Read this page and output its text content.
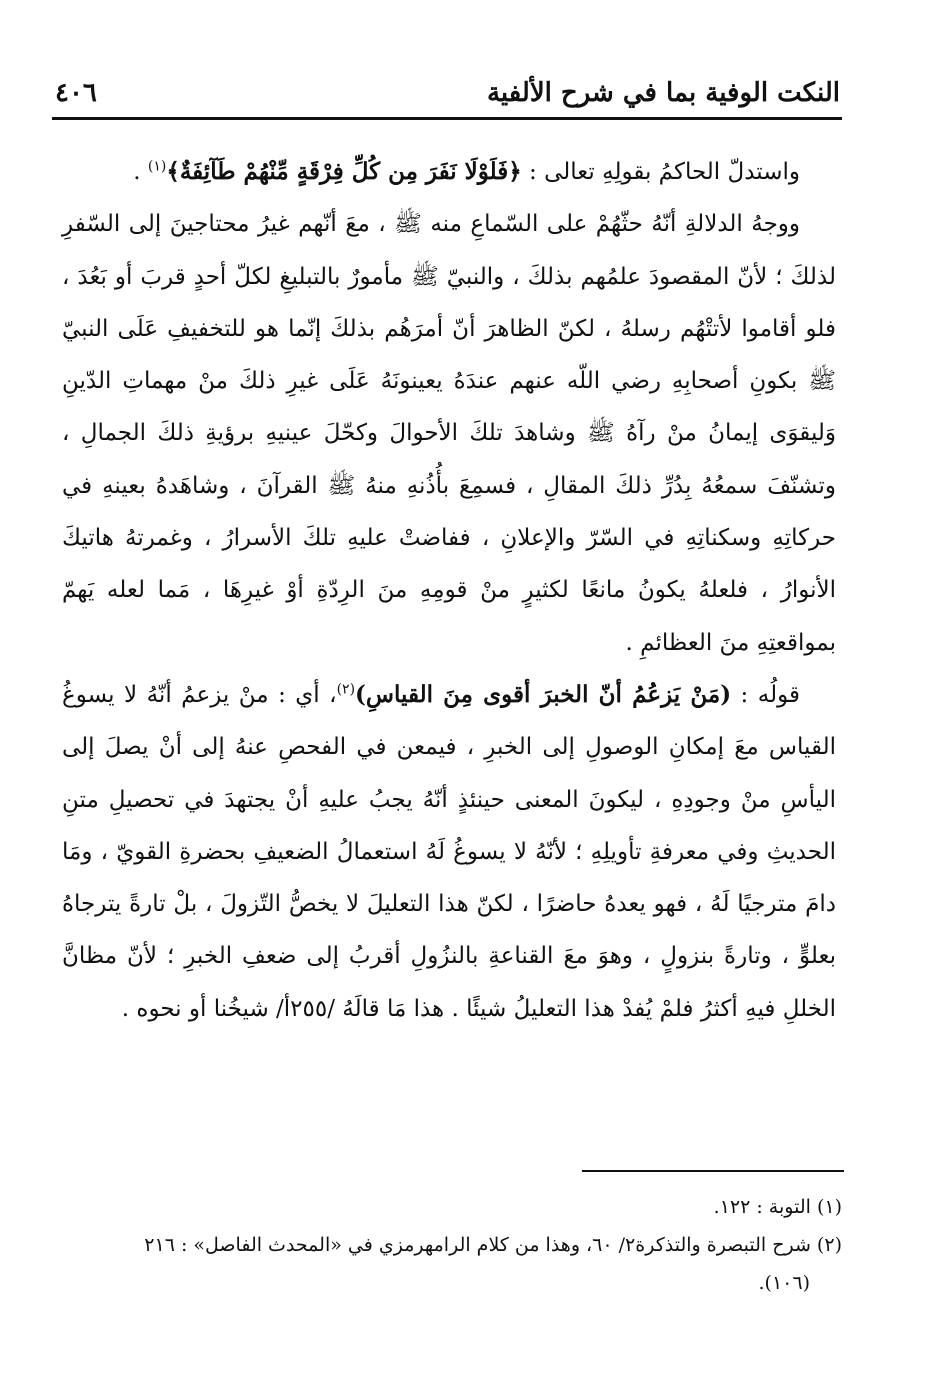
النكت الوفية بما في شرح الألفية
٤٠٦

واستدلّ الحاكمُ بقولِهِ تعالى : ﴿فَلَوْلَا نَفَرَ مِن كُلِّ فِرْقَةٍ مِّنْهُمْ طَآئِفَةٌ﴾$^{(١)}$ .

ووجهُ الدلالةِ أنّهُ حثّهُمْ على السّماعِ منه ﷺ ، معَ أنّهم غيرُ محتاجينَ إلى السّفرِ لذلكَ ؛ لأنّ المقصودَ علمُهم بذلكَ ، والنبيّ ﷺ مأمورٌ بالتبليغِ لكلّ أحدٍ قربَ أو بَعُدَ ، فلو أقاموا لأتتْهُم رسلهُ ، لكنّ الظاهرَ أنّ أمرَهُم بذلكَ إنّما هو للتخفيفِ عَلَى النبيّ ﷺ بكونِ أصحابِهِ رضي اللّه عنهم عندَهُ يعينونَهُ عَلَى غيرِ ذلكَ منْ مهماتِ الدّينِ وَليقوَى إيمانُ منْ رآهُ ﷺ وشاهدَ تلكَ الأحوالَ وكحّلَ عينيهِ برؤيةِ ذلكَ الجمالِ ، وتشنّفَ سمعُهُ بِدُرِّ ذلكَ المقالِ ، فسمِعَ بأُذُنهِ منهُ ﷺ القرآنَ ، وشاهَدهُ بعينهِ في حركاتِهِ وسكناتِهِ في السّرّ والإعلانِ ، ففاضتْ عليهِ تلكَ الأسرارُ ، وغمرتهُ هاتيكَ الأنوارُ ، فلعلهُ يكونُ مانعًا لكثيرٍ منْ قومِهِ منَ الرِدّةِ أوْ غيرِهَا ، مَما لعله يَهمّ بمواقعتِهِ منَ العظائمِ .

قولُه : (مَنْ يَزعُمُ أنّ الخبرَ أقوى مِنَ القياسِ)$^{(٢)}$، أي : منْ يزعمُ أنّهُ لا يسوغُ القياس معَ إمكانِ الوصولِ إلى الخبرِ ، فيمعن في الفحصِ عنهُ إلى أنْ يصلَ إلى اليأسِ منْ وجودِهِ ، ليكونَ المعنى حينئذٍ أنّهُ يجبُ عليهِ أنْ يجتهدَ في تحصيلِ متنِ الحديثِ وفي معرفةِ تأويلِهِ ؛ لأنّهُ لا يسوغُ لَهُ استعمالُ الضعيفِ بحضرةِ القويّ ، ومَا دامَ مترجيًا لَهُ ، فهو يعدهُ حاضرًا ، لكنّ هذا التعليلَ لا يخصُّ التّزولَ ، بلْ تارةً يترجاهُ بعلوٍّ ، وتارةً بنزولٍ ، وهوَ معَ القناعةِ بالنزُولِ أقربُ إلى ضعفِ الخبرِ ؛ لأنّ مظانَّ الخللِ فيهِ أكثرُ فلمْ يُفدْ هذا التعليلُ شيئًا . هذا مَا قالَهُ /٢٥٥أ/ شيخُنا أو نحوه .

(١) التوبة : ١٢٢.

(٢) شرح التبصرة والتذكرة٢/ ٦٠، وهذا من كلام الرامهرمزي في «المحدث الفاصل» : ٢١٦

(١٠٦).
